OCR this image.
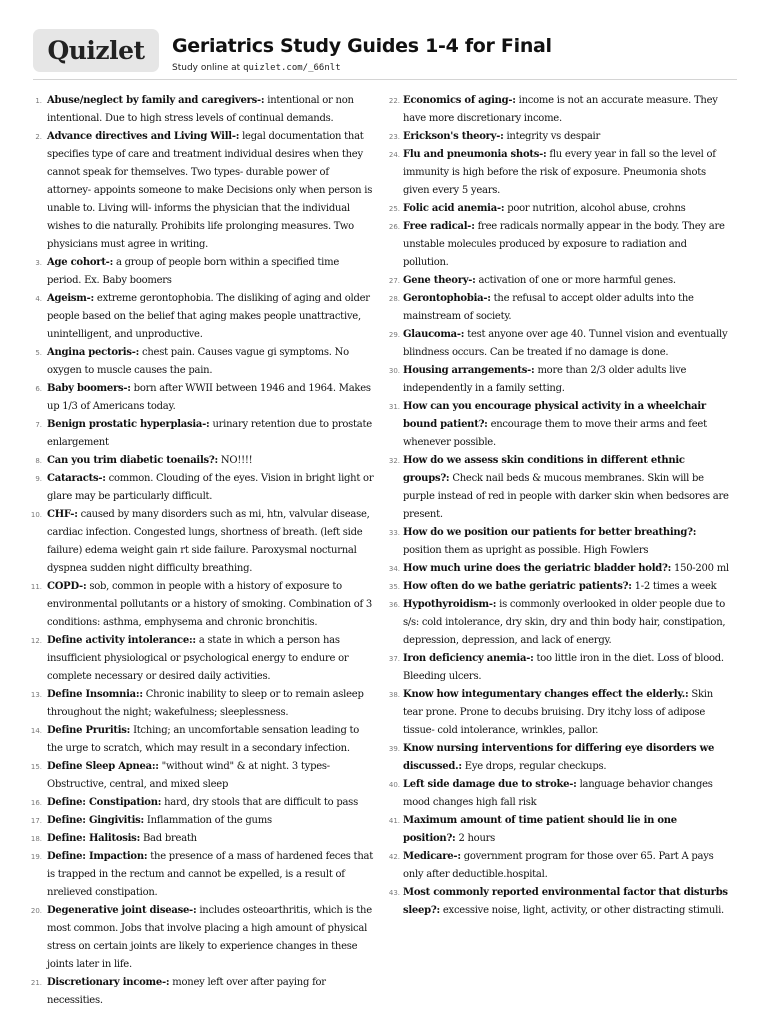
Quizlet Geriatrics Study Guides 1-4 for Final
Study online at quizlet.com/_66nlt
1. Abuse/neglect by family and caregivers-: intentional or non intentional. Due to high stress levels of continual demands.
2. Advance directives and Living Will-: legal documentation that specifies type of care and treatment individual desires when they cannot speak for themselves. Two types- durable power of attorney- appoints someone to make Decisions only when person is unable to. Living will- informs the physician that the individual wishes to die naturally. Prohibits life prolonging measures. Two physicians must agree in writing.
3. Age cohort-: a group of people born within a specified time period. Ex. Baby boomers
4. Ageism-: extreme gerontophobia. The disliking of aging and older people based on the belief that aging makes people unattractive, unintelligent, and unproductive.
5. Angina pectoris-: chest pain. Causes vague gi symptoms. No oxygen to muscle causes the pain.
6. Baby boomers-: born after WWII between 1946 and 1964. Makes up 1/3 of Americans today.
7. Benign prostatic hyperplasia-: urinary retention due to prostate enlargement
8. Can you trim diabetic toenails?: NO!!!!
9. Cataracts-: common. Clouding of the eyes. Vision in bright light or glare may be particularly difficult.
10. CHF-: caused by many disorders such as mi, htn, valvular disease, cardiac infection. Congested lungs, shortness of breath. (left side failure) edema weight gain rt side failure. Paroxysmal nocturnal dyspnea sudden night difficulty breathing.
11. COPD-: sob, common in people with a history of exposure to environmental pollutants or a history of smoking. Combination of 3 conditions: asthma, emphysema and chronic bronchitis.
12. Define activity intolerance:: a state in which a person has insufficient physiological or psychological energy to endure or complete necessary or desired daily activities.
13. Define Insomnia:: Chronic inability to sleep or to remain asleep throughout the night; wakefulness; sleeplessness.
14. Define Pruritis: Itching; an uncomfortable sensation leading to the urge to scratch, which may result in a secondary infection.
15. Define Sleep Apnea:: "without wind" & at night. 3 types- Obstructive, central, and mixed sleep
16. Define: Constipation: hard, dry stools that are difficult to pass
17. Define: Gingivitis: Inflammation of the gums
18. Define: Halitosis: Bad breath
19. Define: Impaction: the presence of a mass of hardened feces that is trapped in the rectum and cannot be expelled, is a result of nrelieved constipation.
20. Degenerative joint disease-: includes osteoarthritis, which is the most common. Jobs that involve placing a high amount of physical stress on certain joints are likely to experience changes in these joints later in life.
21. Discretionary income-: money left over after paying for necessities.
22. Economics of aging-: income is not an accurate measure. They have more discretionary income.
23. Erickson's theory-: integrity vs despair
24. Flu and pneumonia shots-: flu every year in fall so the level of immunity is high before the risk of exposure. Pneumonia shots given every 5 years.
25. Folic acid anemia-: poor nutrition, alcohol abuse, crohns
26. Free radical-: free radicals normally appear in the body. They are unstable molecules produced by exposure to radiation and pollution.
27. Gene theory-: activation of one or more harmful genes.
28. Gerontophobia-: the refusal to accept older adults into the mainstream of society.
29. Glaucoma-: test anyone over age 40. Tunnel vision and eventually blindness occurs. Can be treated if no damage is done.
30. Housing arrangements-: more than 2/3 older adults live independently in a family setting.
31. How can you encourage physical activity in a wheelchair bound patient?: encourage them to move their arms and feet whenever possible.
32. How do we assess skin conditions in different ethnic groups?: Check nail beds & mucous membranes. Skin will be purple instead of red in people with darker skin when bedsores are present.
33. How do we position our patients for better breathing?: position them as upright as possible. High Fowlers
34. How much urine does the geriatric bladder hold?: 150-200 ml
35. How often do we bathe geriatric patients?: 1-2 times a week
36. Hypothyroidism-: is commonly overlooked in older people due to s/s: cold intolerance, dry skin, dry and thin body hair, constipation, depression, depression, and lack of energy.
37. Iron deficiency anemia-: too little iron in the diet. Loss of blood. Bleeding ulcers.
38. Know how integumentary changes effect the elderly.: Skin tear prone. Prone to decubs bruising. Dry itchy loss of adipose tissue- cold intolerance, wrinkles, pallor.
39. Know nursing interventions for differing eye disorders we discussed.: Eye drops, regular checkups.
40. Left side damage due to stroke-: language behavior changes mood changes high fall risk
41. Maximum amount of time patient should lie in one position?: 2 hours
42. Medicare-: government program for those over 65. Part A pays only after deductible.hospital.
43. Most commonly reported environmental factor that disturbs sleep?: excessive noise, light, activity, or other distracting stimuli.
